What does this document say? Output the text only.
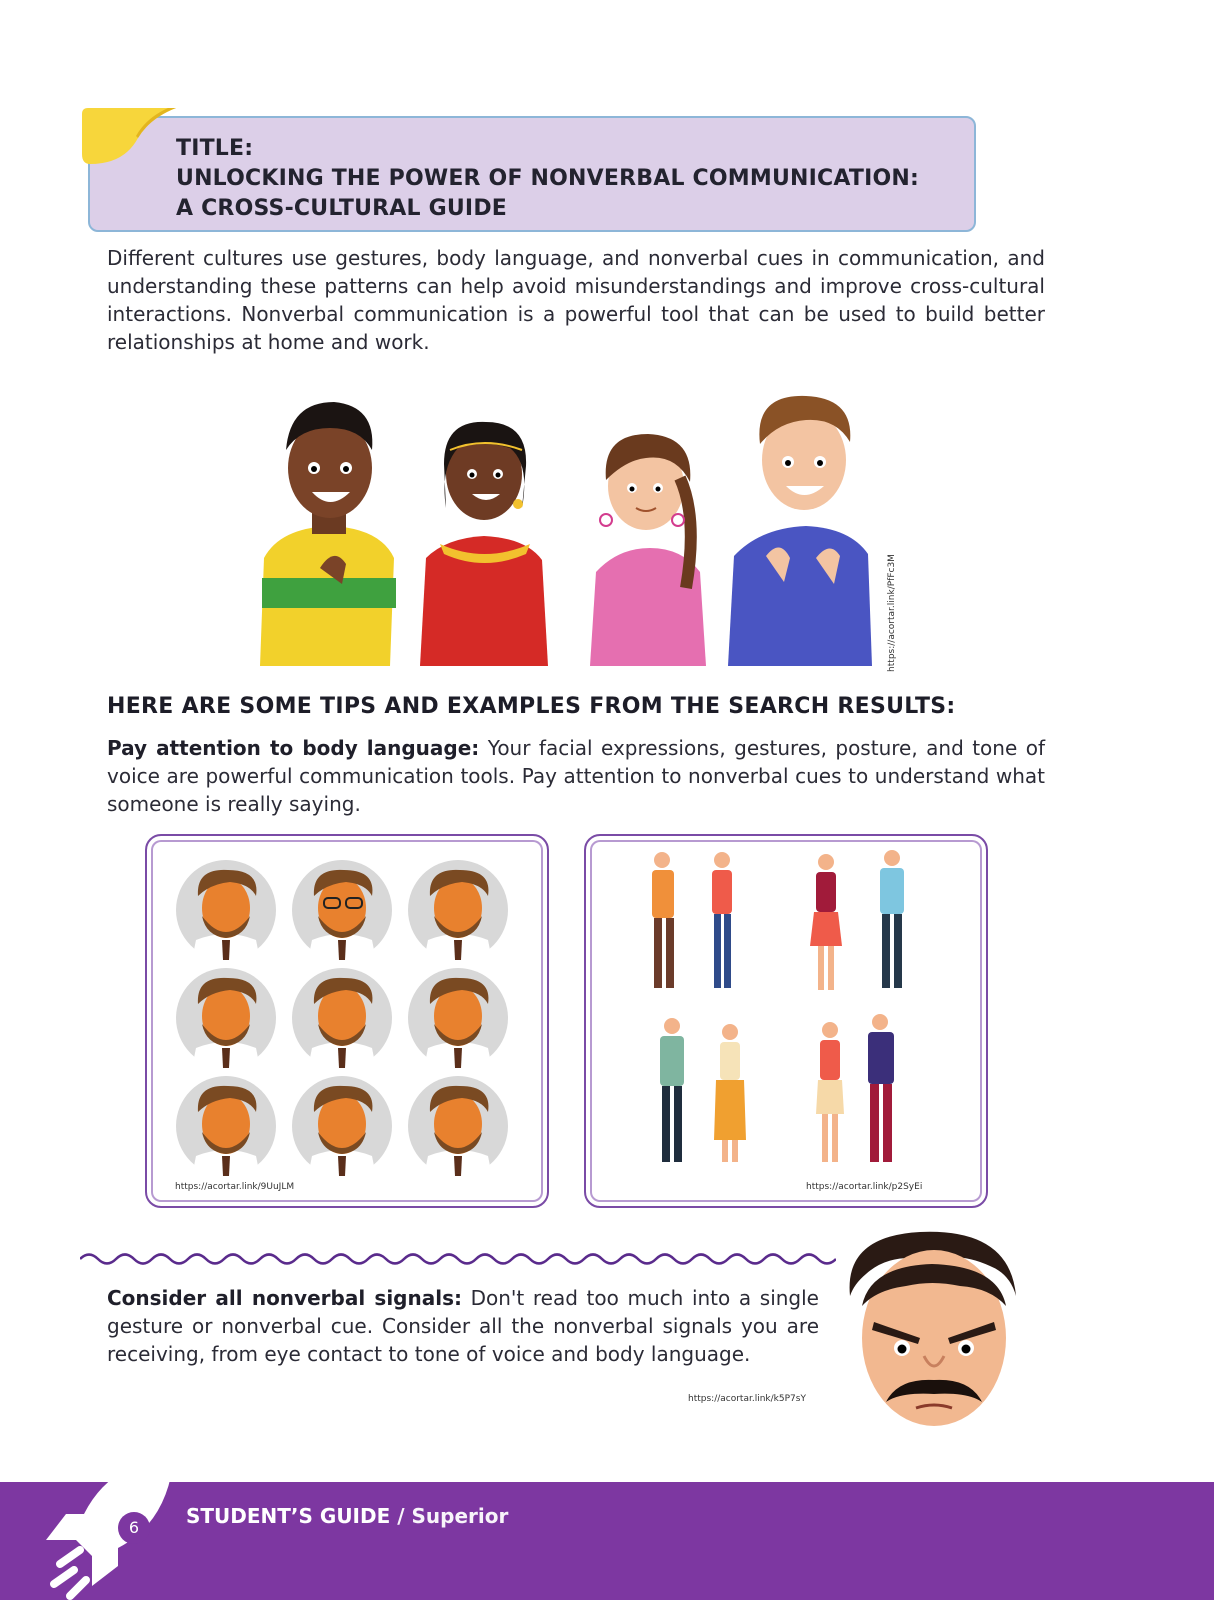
TITLE:
UNLOCKING THE POWER OF NONVERBAL COMMUNICATION:
A CROSS-CULTURAL GUIDE

Different cultures use gestures, body language, and nonverbal cues in communication, and understanding these patterns can help avoid misunderstandings and improve cross-cultural interactions. Nonverbal communication is a powerful tool that can be used to build better relationships at home and work.

https://acortar.link/PfFc3M
HERE ARE SOME TIPS AND EXAMPLES FROM THE SEARCH RESULTS:

Pay attention to body language: Your facial expressions, gestures, posture, and tone of voice are powerful communication tools. Pay attention to nonverbal cues to understand what someone is really saying.

https://acortar.link/9UuJLM	https://acortar.link/p2SyEi

Consider all nonverbal signals: Don't read too much into a single gesture or nonverbal cue. Consider all the nonverbal signals you are receiving, from eye contact to tone of voice and body language.

https://acortar.link/k5P7sY
6	STUDENT’S GUIDE / Superior
